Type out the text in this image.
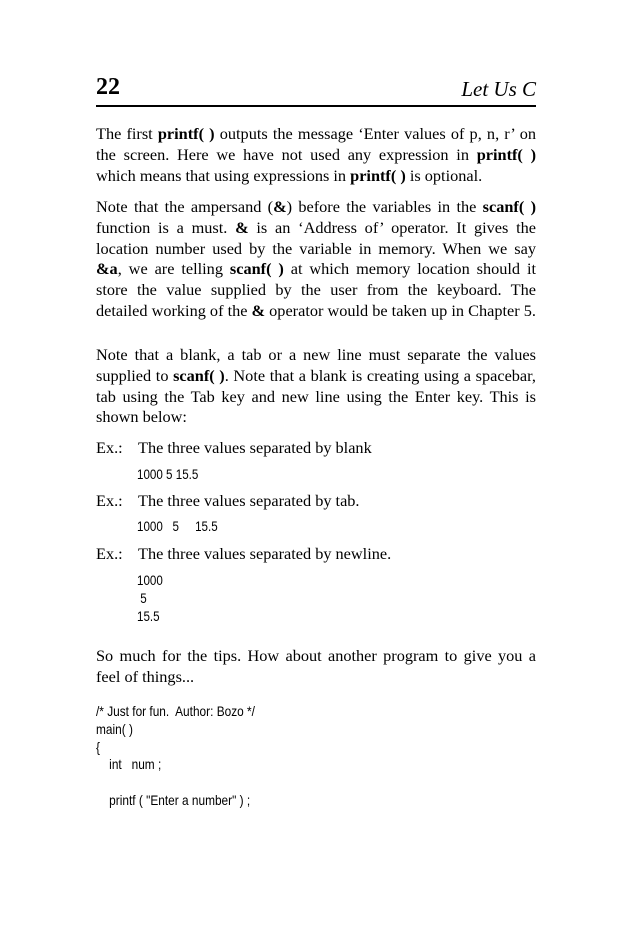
22	Let Us C

The first printf( ) outputs the message ‘Enter values of p, n, r’ on the screen. Here we have not used any expression in printf( ) which means that using expressions in printf( ) is optional.

Note that the ampersand (&) before the variables in the scanf( ) function is a must. & is an ‘Address of’ operator. It gives the location number used by the variable in memory. When we say &a, we are telling scanf( ) at which memory location should it store the value supplied by the user from the keyboard. The detailed working of the & operator would be taken up in Chapter 5.

Note that a blank, a tab or a new line must separate the values supplied to scanf( ). Note that a blank is creating using a spacebar, tab using the Tab key and new line using the Enter key. This is shown below:

Ex.: The three values separated by blank
1000 5 15.5
Ex.: The three values separated by tab.
1000   5     15.5
Ex.: The three values separated by newline.
1000
5
15.5

So much for the tips. How about another program to give you a feel of things...

/* Just for fun.  Author: Bozo */
main( )
{
int   num ;
printf ( "Enter a number" ) ;
